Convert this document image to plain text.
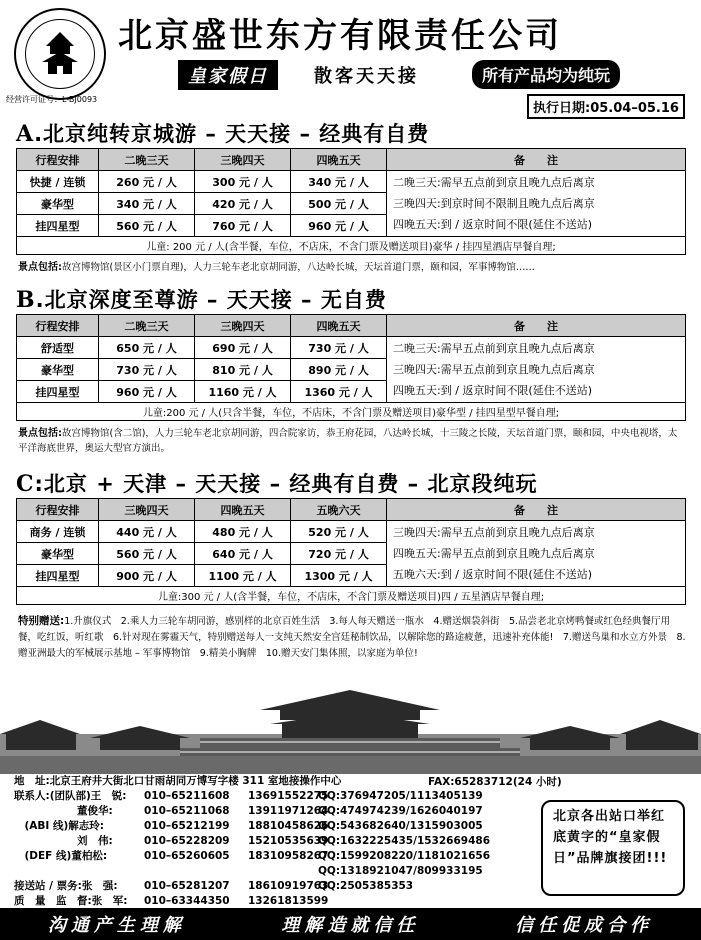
经营许可证号：L-BJ0093
北京盛世东方有限责任公司
皇家假日	散客天天接	所有产品均为纯玩
执行日期:05.04–05.16
A.北京纯转京城游 – 天天接 – 经典有自费
行程安排	二晚三天	三晚四天	四晚五天	备　　注
快捷 / 连锁	260 元 / 人	300 元 / 人	340 元 / 人	二晚三天:需早五点前到京且晚九点后离京
三晚四天:到京时间不限制且晚九点后离京
四晚五天:到 / 返京时间不限(延住不送站)

豪华型	340 元 / 人	420 元 / 人	500 元 / 人	
挂四星型	560 元 / 人	760 元 / 人	960 元 / 人	
儿童: 200 元 / 人(含半餐，车位，不店床，不含门票及赠送项目)豪华 / 挂四星酒店早餐自理;				
景点包括:故宫博物馆(景区小门票自理)，人力三轮车老北京胡同游，八达岭长城，天坛首道门票，颐和园，军事博物馆……
B.北京深度至尊游 – 天天接 – 无自费
行程安排	二晚三天	三晚四天	四晚五天	备　　注
舒适型	650 元 / 人	690 元 / 人	730 元 / 人	二晚三天:需早五点前到京且晚九点后离京
三晚四天:需早五点前到京且晚九点后离京
四晚五天:到 / 返京时间不限(延住不送站)

豪华型	730 元 / 人	810 元 / 人	890 元 / 人	
挂四星型	960 元 / 人	1160 元 / 人	1360 元 / 人	
儿童:200 元 / 人(只含半餐，车位，不店床，不含门票及赠送项目)豪华型 / 挂四星型早餐自理;				
景点包括:故宫博物馆(含二馆)，人力三轮车老北京胡同游，四合院家访，恭王府花园，八达岭长城，十三陵之长陵，天坛首道门票，颐和园，中央电视塔，太平洋海底世界，奥运大型官方演出。
C:北京 + 天津 – 天天接 – 经典有自费 – 北京段纯玩
行程安排	三晚四天	四晚五天	五晚六天	备　　注
商务 / 连锁	440 元 / 人	480 元 / 人	520 元 / 人	三晚四天:需早五点前到京且晚九点后离京
四晚五天:需早五点前到京且晚九点后离京
五晚六天:到 / 返京时间不限(延住不送站)

豪华型	560 元 / 人	640 元 / 人	720 元 / 人	
挂四星型	900 元 / 人	1100 元 / 人	1300 元 / 人	
儿童:300 元 / 人(含半餐，车位，不店床，不含门票及赠送项目)四 / 五星酒店早餐自理;				
特别赠送:1.升旗仪式　2.乘人力三轮车胡同游，感别样的北京百姓生活　3.每人每天赠送一瓶水　4.赠送烟袋斜街　5.品尝老北京烤鸭餐或红色经典餐厅用餐，吃红饭，听红歌　6.针对现在雾霾天气，特别赠送每人一支纯天然安全宫廷秘制饮品，以解除您的路途疲惫，迅速补充体能!　7.赠送鸟巢和水立方外景　8.赠亚洲最大的军械展示基地 – 军事博物馆　9.精美小胸牌　10.赠天安门集体照，以家庭为单位!
地　址:北京王府井大街北口甘雨胡同万博写字楼 311 室地接操作中心
联系人:(团队部)王　锐:	010–65211608	13691552275
QQ:376947205/1113405139
　　　　　　董俊华:	010–65211068	13911971264
QQ:474974239/1626040197
　(ABI 线)解志玲:	010–65212199	18810458626
QQ:543682640/1315903005
　　　　　　刘　伟:	010–65228209	15210535639
QQ:1632225435/1532669486
　(DEF 线)董柏松:	010–65260605	18310958267
QQ:1599208220/1181021656
QQ:1318921047/809933195
接送站 / 票务:张　强:	010–65281207	18610919763
QQ:2505385353
质　量　监　督:张　军:	010–63344350	13261813599
FAX:65283712(24 小时)
北京各出站口举红底黄字的“皇家假日”品牌旗接团!!!
沟通产生理解	理解造就信任	信任促成合作
